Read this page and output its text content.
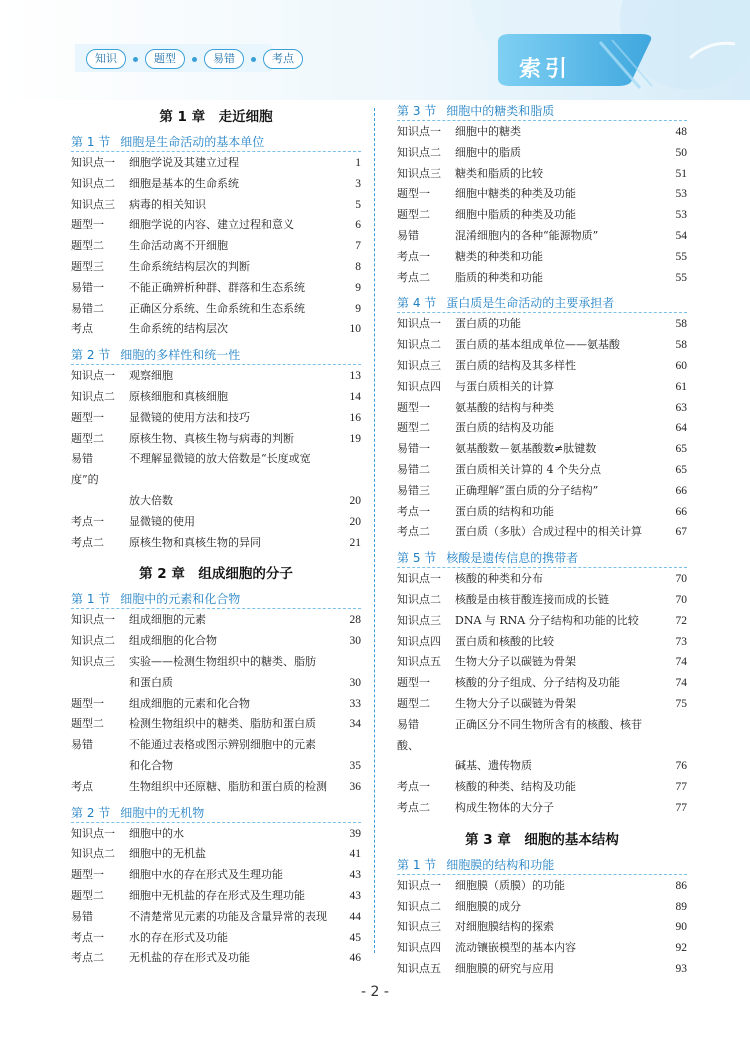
知识	题型	易错	考点	索引
第 1 章　走近细胞
第 1 节 细胞是生命活动的基本单位
知识点一 细胞学说及其建立过程	1
知识点二 细胞是基本的生命系统	3
知识点三 病毒的相关知识	5
题型一 细胞学说的内容、建立过程和意义	6
题型二 生命活动离不开细胞	7
题型三 生命系统结构层次的判断	8
易错一 不能正确辨析种群、群落和生态系统	9
易错二 正确区分系统、生命系统和生态系统	9
考点	生命系统的结构层次	10
第 2 节 细胞的多样性和统一性
知识点一 观察细胞	13
知识点二 原核细胞和真核细胞	14
题型一 显微镜的使用方法和技巧	16
题型二 原核生物、真核生物与病毒的判断	19
易错	不理解显微镜的放大倍数是“长度或宽度”的
放大倍数	20
考点一 显微镜的使用	20
考点二 原核生物和真核生物的异同	21
第 2 章　组成细胞的分子
第 1 节 细胞中的元素和化合物
知识点一 组成细胞的元素	28
知识点二 组成细胞的化合物	30
知识点三 实验——检测生物组织中的糖类、脂肪
和蛋白质	30
题型一 组成细胞的元素和化合物	33
题型二 检测生物组织中的糖类、脂肪和蛋白质	34
易错	不能通过表格或图示辨别细胞中的元素
和化合物	35
考点	生物组织中还原糖、脂肪和蛋白质的检测 36
第 2 节 细胞中的无机物
知识点一 细胞中的水	39
知识点二 细胞中的无机盐	41
题型一 细胞中水的存在形式及生理功能	43
题型二 细胞中无机盐的存在形式及生理功能	43
易错	不清楚常见元素的功能及含量异常的表现 44
考点一 水的存在形式及功能	45
考点二 无机盐的存在形式及功能	46
第 3 节 细胞中的糖类和脂质
知识点一 细胞中的糖类	48
知识点二 细胞中的脂质	50
知识点三 糖类和脂质的比较	51
题型一 细胞中糖类的种类及功能	53
题型二 细胞中脂质的种类及功能	53
易错	混淆细胞内的各种“能源物质”	54
考点一 糖类的种类和功能	55
考点二 脂质的种类和功能	55
第 4 节 蛋白质是生命活动的主要承担者
知识点一 蛋白质的功能	58
知识点二 蛋白质的基本组成单位——氨基酸	58
知识点三 蛋白质的结构及其多样性	60
知识点四 与蛋白质相关的计算	61
题型一 氨基酸的结构与种类	63
题型二 蛋白质的结构及功能	64
易错一 氨基酸数－氨基酸数≠肽键数	65
易错二 蛋白质相关计算的 4 个失分点	65
易错三 正确理解“蛋白质的分子结构”	66
考点一 蛋白质的结构和功能	66
考点二 蛋白质（多肽）合成过程中的相关计算	67
第 5 节 核酸是遗传信息的携带者
知识点一 核酸的种类和分布	70
知识点二 核酸是由核苷酸连接而成的长链	70
知识点三 DNA 与 RNA 分子结构和功能的比较	72
知识点四 蛋白质和核酸的比较	73
知识点五 生物大分子以碳链为骨架	74
题型一 核酸的分子组成、分子结构及功能	74
题型二 生物大分子以碳链为骨架	75
易错	正确区分不同生物所含有的核酸、核苷酸、
碱基、遗传物质	76
考点一 核酸的种类、结构及功能	77
考点二 构成生物体的大分子	77
第 3 章　细胞的基本结构
第 1 节 细胞膜的结构和功能
知识点一 细胞膜（质膜）的功能	86
知识点二 细胞膜的成分	89
知识点三 对细胞膜结构的探索	90
知识点四 流动镶嵌模型的基本内容	92
知识点五 细胞膜的研究与应用	93
- 2 -
